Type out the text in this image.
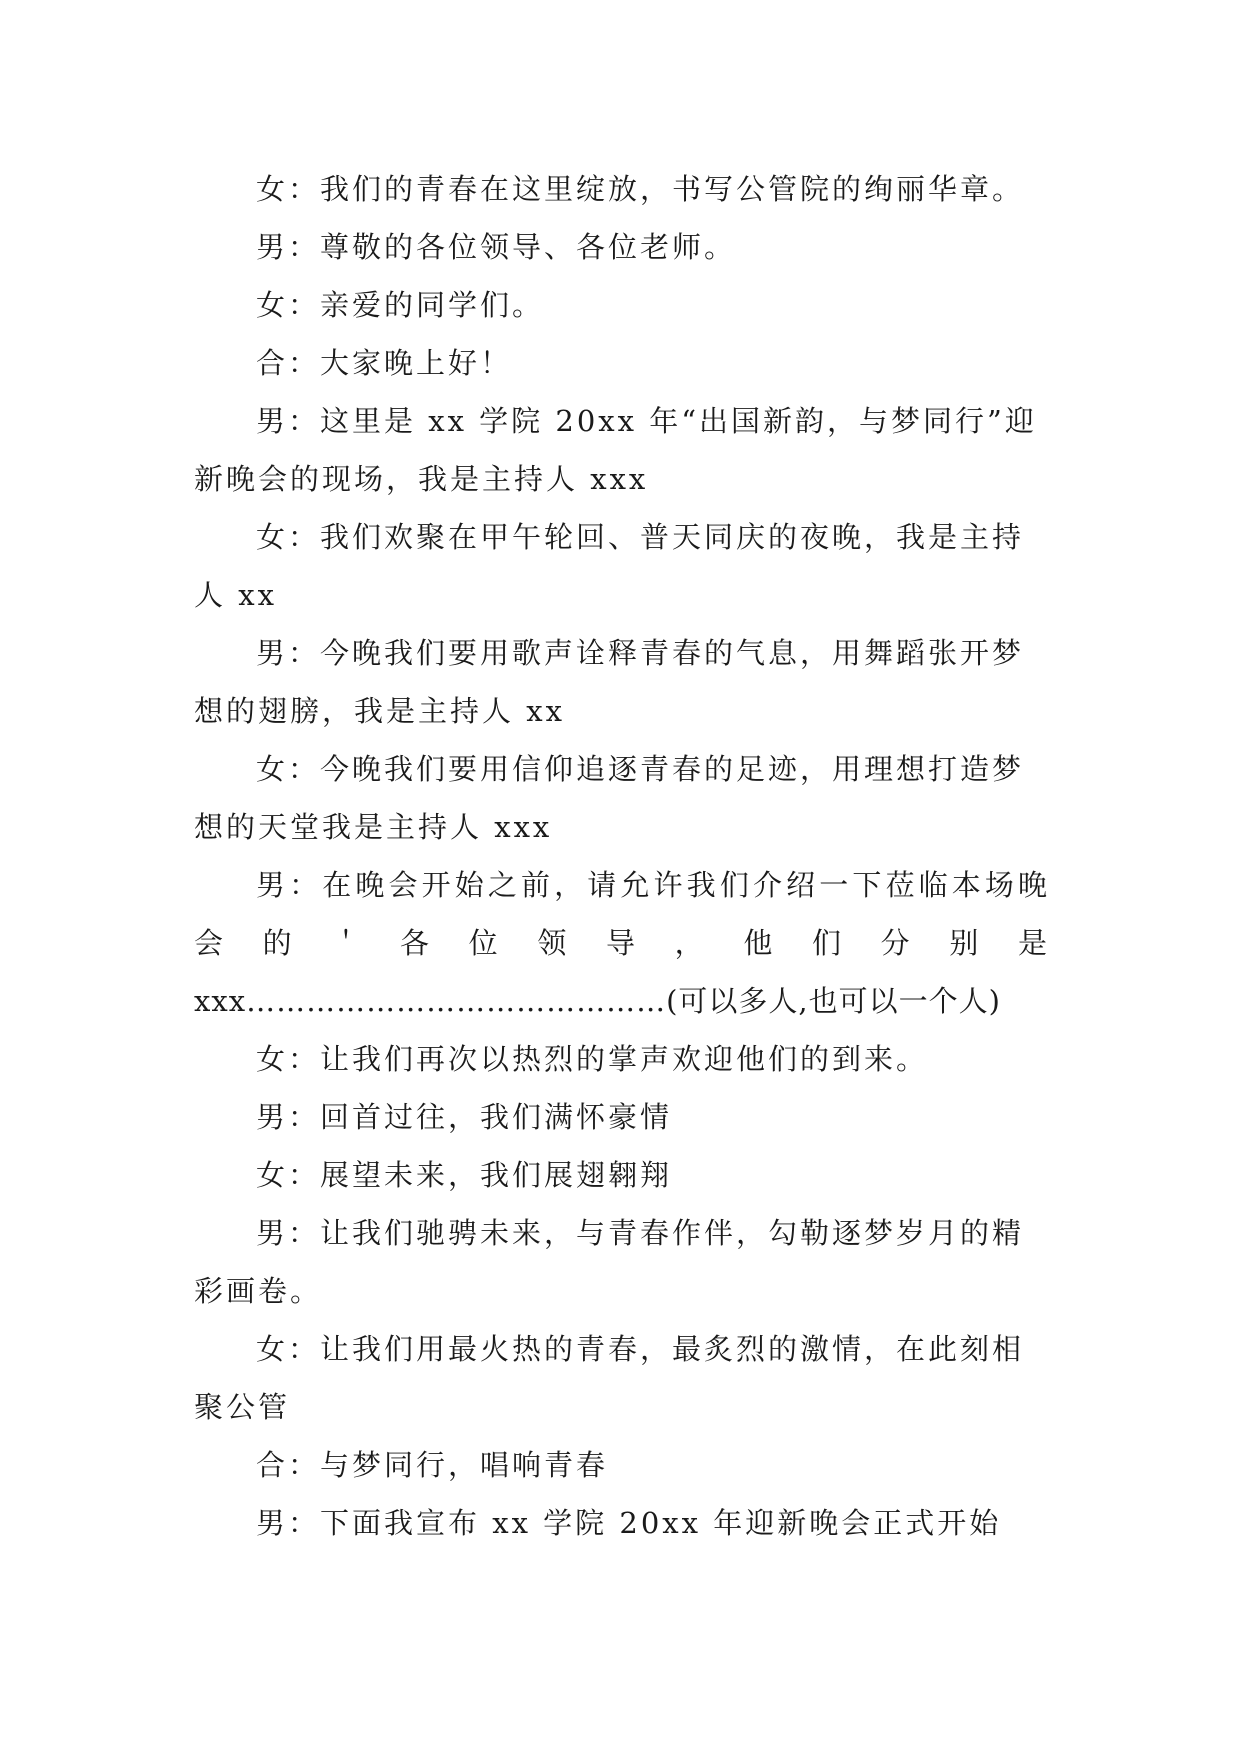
女：我们的青春在这里绽放，书写公管院的绚丽华章。

男：尊敬的各位领导、各位老师。

女：亲爱的同学们。

合：大家晚上好！

男：这里是 xx 学院 20xx 年“出国新韵，与梦同行”迎新晚会的现场，我是主持人 xxx

女：我们欢聚在甲午轮回、普天同庆的夜晚，我是主持人 xx

男：今晚我们要用歌声诠释青春的气息，用舞蹈张开梦想的翅膀，我是主持人 xx

女：今晚我们要用信仰追逐青春的足迹，用理想打造梦想的天堂我是主持人 xxx

男：在晚会开始之前，请允许我们介绍一下莅临本场晚会的＇各位领导，他们分别是

xxx……………………………………(可以多人,也可以一个人)

女：让我们再次以热烈的掌声欢迎他们的到来。

男：回首过往，我们满怀豪情

女：展望未来，我们展翅翱翔

男：让我们驰骋未来，与青春作伴，勾勒逐梦岁月的精彩画卷。

女：让我们用最火热的青春，最炙烈的激情，在此刻相聚公管

合：与梦同行，唱响青春

男：下面我宣布 xx 学院 20xx 年迎新晚会正式开始
